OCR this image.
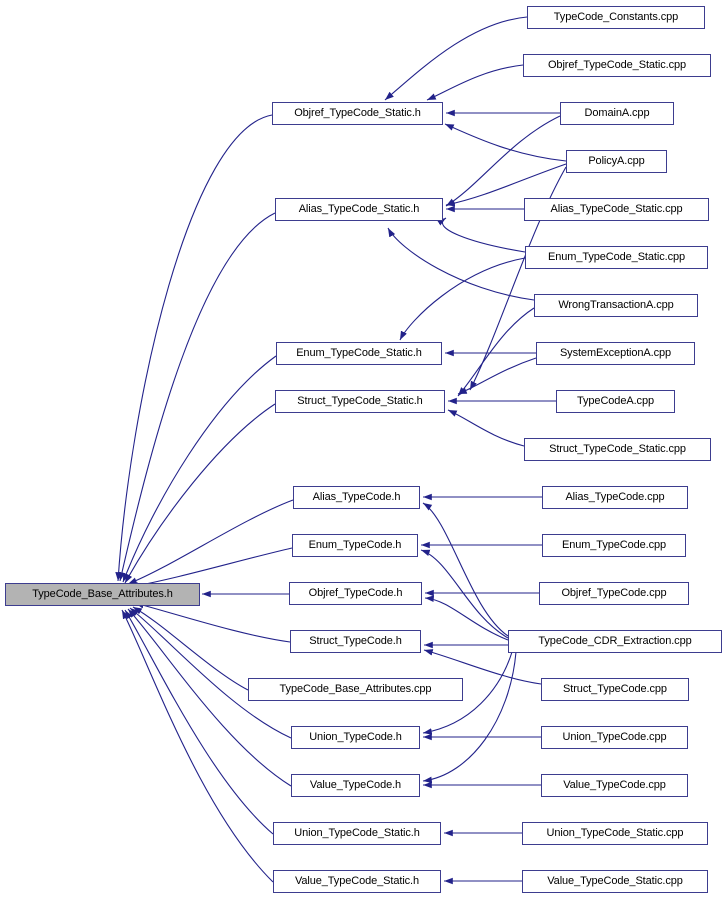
TypeCode_Base_Attributes.h
TypeCode_Constants.cpp
Objref_TypeCode_Static.cpp
Objref_TypeCode_Static.h	DomainA.cpp
PolicyA.cpp
Alias_TypeCode_Static.h	Alias_TypeCode_Static.cpp
Enum_TypeCode_Static.cpp
WrongTransactionA.cpp
Enum_TypeCode_Static.h	SystemExceptionA.cpp
Struct_TypeCode_Static.h	TypeCodeA.cpp
Struct_TypeCode_Static.cpp
Alias_TypeCode.h	Alias_TypeCode.cpp
Enum_TypeCode.h	Enum_TypeCode.cpp
Objref_TypeCode.h	Objref_TypeCode.cpp
Struct_TypeCode.h	TypeCode_CDR_Extraction.cpp
TypeCode_Base_Attributes.cpp	Struct_TypeCode.cpp
Union_TypeCode.h	Union_TypeCode.cpp
Value_TypeCode.h	Value_TypeCode.cpp
Union_TypeCode_Static.h	Union_TypeCode_Static.cpp
Value_TypeCode_Static.h	Value_TypeCode_Static.cpp
